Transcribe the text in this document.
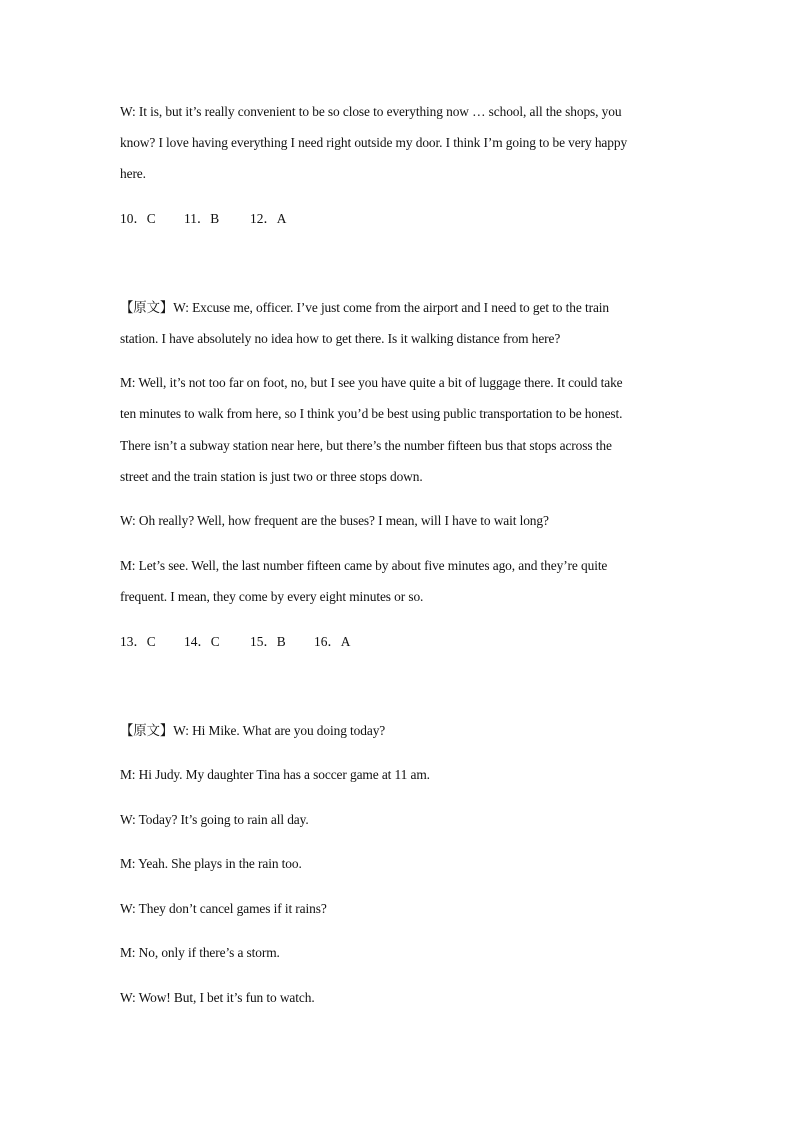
W: It is, but it’s really convenient to be so close to everything now … school, all the shops, you
know? I love having everything I need right outside my door. I think I’m going to be very happy
here.
10．C 11．B 12．A
【原文】W: Excuse me, officer. I’ve just come from the airport and I need to get to the train
station. I have absolutely no idea how to get there. Is it walking distance from here?
M: Well, it’s not too far on foot, no, but I see you have quite a bit of luggage there. It could take
ten minutes to walk from here, so I think you’d be best using public transportation to be honest.
There isn’t a subway station near here, but there’s the number fifteen bus that stops across the
street and the train station is just two or three stops down.
W: Oh really? Well, how frequent are the buses? I mean, will I have to wait long?
M: Let’s see. Well, the last number fifteen came by about five minutes ago, and they’re quite
frequent. I mean, they come by every eight minutes or so.
13．C 14．C 15．B 16．A
【原文】W: Hi Mike. What are you doing today?
M: Hi Judy. My daughter Tina has a soccer game at 11 am.
W: Today? It’s going to rain all day.
M: Yeah. She plays in the rain too.
W: They don’t cancel games if it rains?
M: No, only if there’s a storm.
W: Wow! But, I bet it’s fun to watch.
